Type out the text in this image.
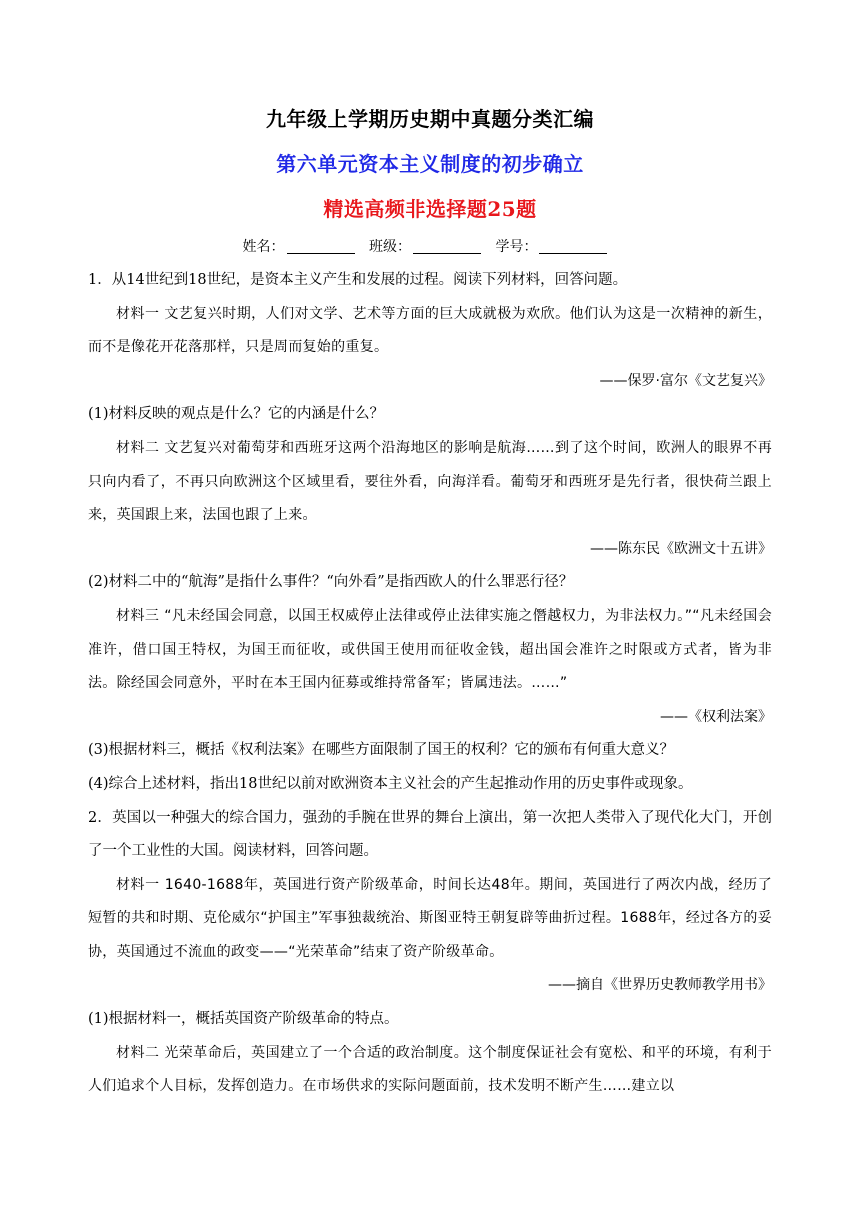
九年级上学期历史期中真题分类汇编
第六单元资本主义制度的初步确立
精选高频非选择题25题
姓名：	班级：	学号：

1．从14世纪到18世纪，是资本主义产生和发展的过程。阅读下列材料，回答问题。

材料一 文艺复兴时期，人们对文学、艺术等方面的巨大成就极为欢欣。他们认为这是一次精神的新生，而不是像花开花落那样，只是周而复始的重复。

——保罗·富尔《文艺复兴》

(1)材料反映的观点是什么？它的内涵是什么？

材料二 文艺复兴对葡萄芽和西班牙这两个沿海地区的影响是航海……到了这个时间，欧洲人的眼界不再只向内看了，不再只向欧洲这个区域里看，要往外看，向海洋看。葡萄牙和西班牙是先行者，很快荷兰跟上来，英国跟上来，法国也跟了上来。

——陈东民《欧洲文十五讲》

(2)材料二中的“航海”是指什么事件？“向外看”是指西欧人的什么罪恶行径？

材料三 “凡未经国会同意，以国王权威停止法律或停止法律实施之僭越权力，为非法权力。”“凡未经国会准许，借口国王特权，为国王而征收，或供国王使用而征收金钱，超出国会准许之时限或方式者，皆为非法。除经国会同意外，平时在本王国内征募或维持常备军；皆属违法。……”

——《权利法案》

(3)根据材料三，概括《权利法案》在哪些方面限制了国王的权利？它的颁布有何重大意义？

(4)综合上述材料，指出18世纪以前对欧洲资本主义社会的产生起推动作用的历史事件或现象。

2．英国以一种强大的综合国力，强劲的手腕在世界的舞台上演出，第一次把人类带入了现代化大门，开创了一个工业性的大国。阅读材料，回答问题。

材料一 1640-1688年，英国进行资产阶级革命，时间长达48年。期间，英国进行了两次内战，经历了短暂的共和时期、克伦威尔“护国主”军事独裁统治、斯图亚特王朝复辟等曲折过程。1688年，经过各方的妥协，英国通过不流血的政变——“光荣革命”结束了资产阶级革命。

——摘自《世界历史教师教学用书》

(1)根据材料一，概括英国资产阶级革命的特点。

材料二 光荣革命后，英国建立了一个合适的政治制度。这个制度保证社会有宽松、和平的环境，有利于人们追求个人目标，发挥创造力。在市场供求的实际问题面前，技术发明不断产生……建立以
